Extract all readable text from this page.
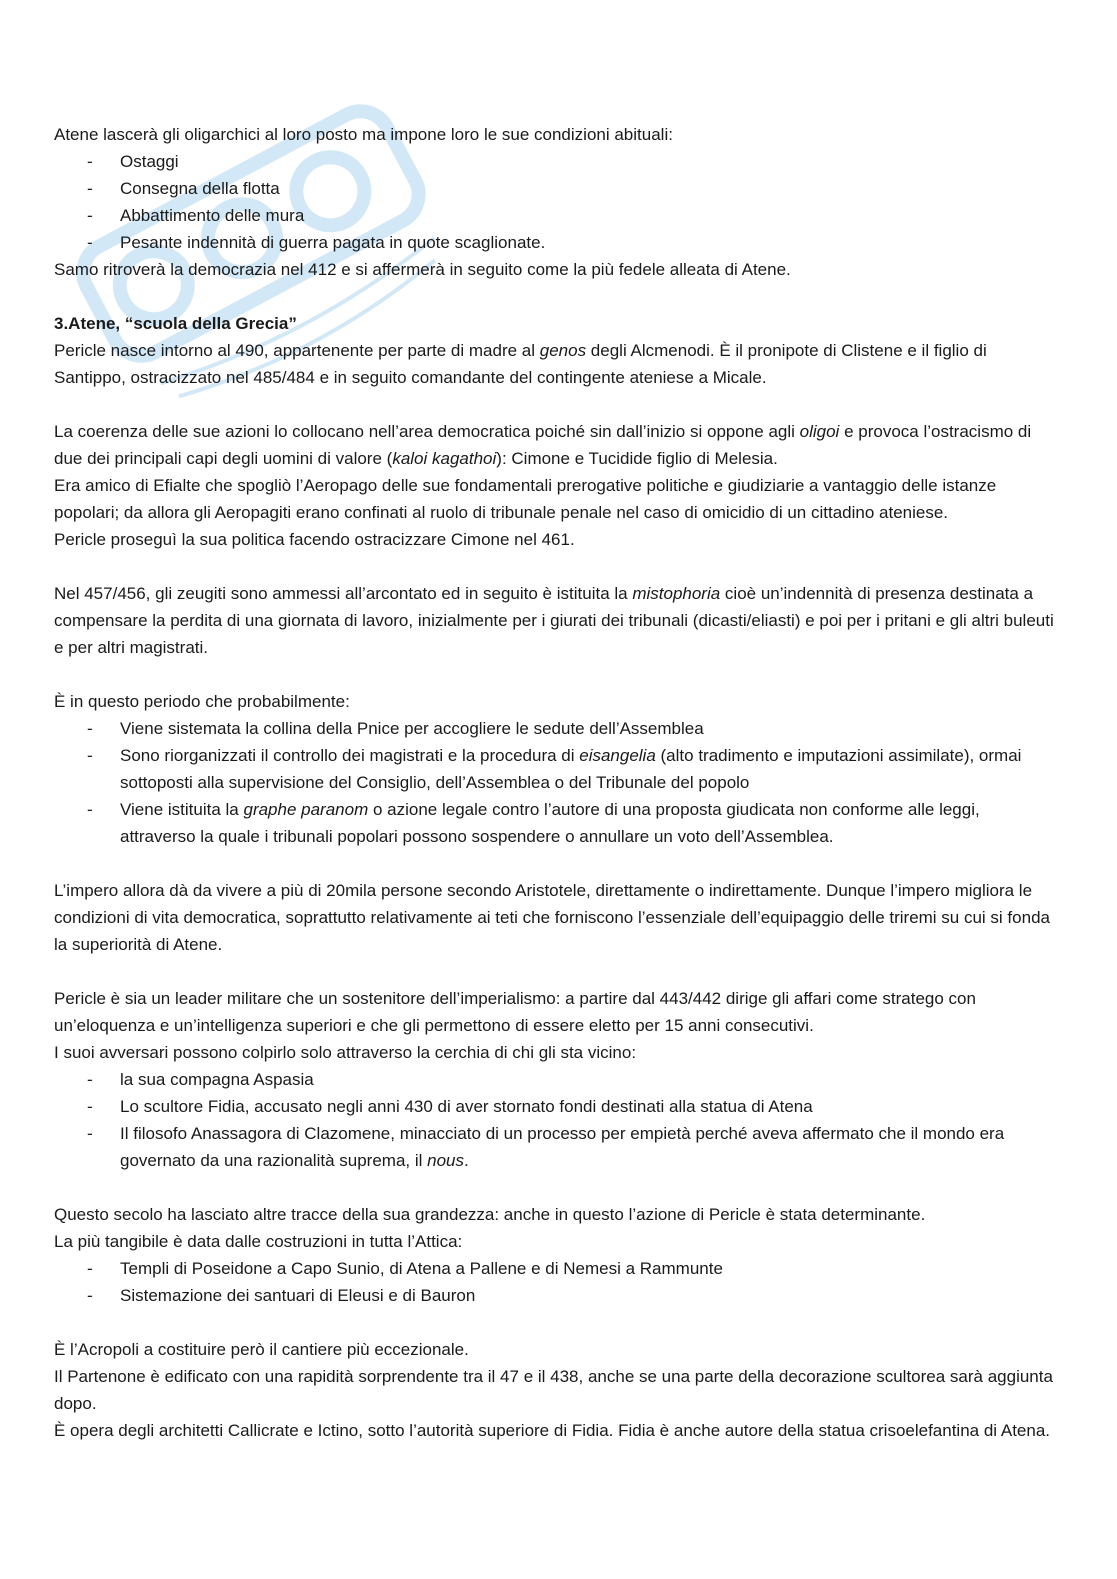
Atene lascerà gli oligarchici al loro posto ma impone loro le sue condizioni abituali:

- Ostaggi
- Consegna della flotta
- Abbattimento delle mura
- Pesante indennità di guerra pagata in quote scaglionate.

Samo ritroverà la democrazia nel 412 e si affermerà in seguito come la più fedele alleata di Atene.

3.Atene, “scuola della Grecia”

Pericle nasce intorno al 490, appartenente per parte di madre al genos degli Alcmenodi. È il pronipote di Clistene e il figlio di Santippo, ostracizzato nel 485/484 e in seguito comandante del contingente ateniese a Micale.

La coerenza delle sue azioni lo collocano nell’area democratica poiché sin dall’inizio si oppone agli oligoi e provoca l’ostracismo di due dei principali capi degli uomini di valore (kaloi kagathoi): Cimone e Tucidide figlio di Melesia.

Era amico di Efialte che spogliò l’Aeropago delle sue fondamentali prerogative politiche e giudiziarie a vantaggio delle istanze popolari; da allora gli Aeropagiti erano confinati al ruolo di tribunale penale nel caso di omicidio di un cittadino ateniese.

Pericle proseguì la sua politica facendo ostracizzare Cimone nel 461.

Nel 457/456, gli zeugiti sono ammessi all’arcontato ed in seguito è istituita la mistophoria cioè un’indennità di presenza destinata a compensare la perdita di una giornata di lavoro, inizialmente per i giurati dei tribunali (dicasti/eliasti) e poi per i pritani e gli altri buleuti e per altri magistrati.

È in questo periodo che probabilmente:

- Viene sistemata la collina della Pnice per accogliere le sedute dell’Assemblea
- Sono riorganizzati il controllo dei magistrati e la procedura di eisangelia (alto tradimento e imputazioni assimilate), ormai sottoposti alla supervisione del Consiglio, dell’Assemblea o del Tribunale del popolo
- Viene istituita la graphe paranom o azione legale contro l’autore di una proposta giudicata non conforme alle leggi, attraverso la quale i tribunali popolari possono sospendere o annullare un voto dell’Assemblea.

L’impero allora dà da vivere a più di 20mila persone secondo Aristotele, direttamente o indirettamente. Dunque l’impero migliora le condizioni di vita democratica, soprattutto relativamente ai teti che forniscono l’essenziale dell’equipaggio delle triremi su cui si fonda la superiorità di Atene.

Pericle è sia un leader militare che un sostenitore dell’imperialismo: a partire dal 443/442 dirige gli affari come stratego con un’eloquenza e un’intelligenza superiori e che gli permettono di essere eletto per 15 anni consecutivi.

I suoi avversari possono colpirlo solo attraverso la cerchia di chi gli sta vicino:

- la sua compagna Aspasia
- Lo scultore Fidia, accusato negli anni 430 di aver stornato fondi destinati alla statua di Atena
- Il filosofo Anassagora di Clazomene, minacciato di un processo per empietà perché aveva affermato che il mondo era governato da una razionalità suprema, il nous.

Questo secolo ha lasciato altre tracce della sua grandezza: anche in questo l’azione di Pericle è stata determinante.

La più tangibile è data dalle costruzioni in tutta l’Attica:

- Templi di Poseidone a Capo Sunio, di Atena a Pallene e di Nemesi a Rammunte
- Sistemazione dei santuari di Eleusi e di Bauron

È l’Acropoli a costituire però il cantiere più eccezionale.

Il Partenone è edificato con una rapidità sorprendente tra il 47 e il 438, anche se una parte della decorazione scultorea sarà aggiunta dopo.

È opera degli architetti Callicrate e Ictino, sotto l’autorità superiore di Fidia. Fidia è anche autore della statua crisoelefantina di Atena.
